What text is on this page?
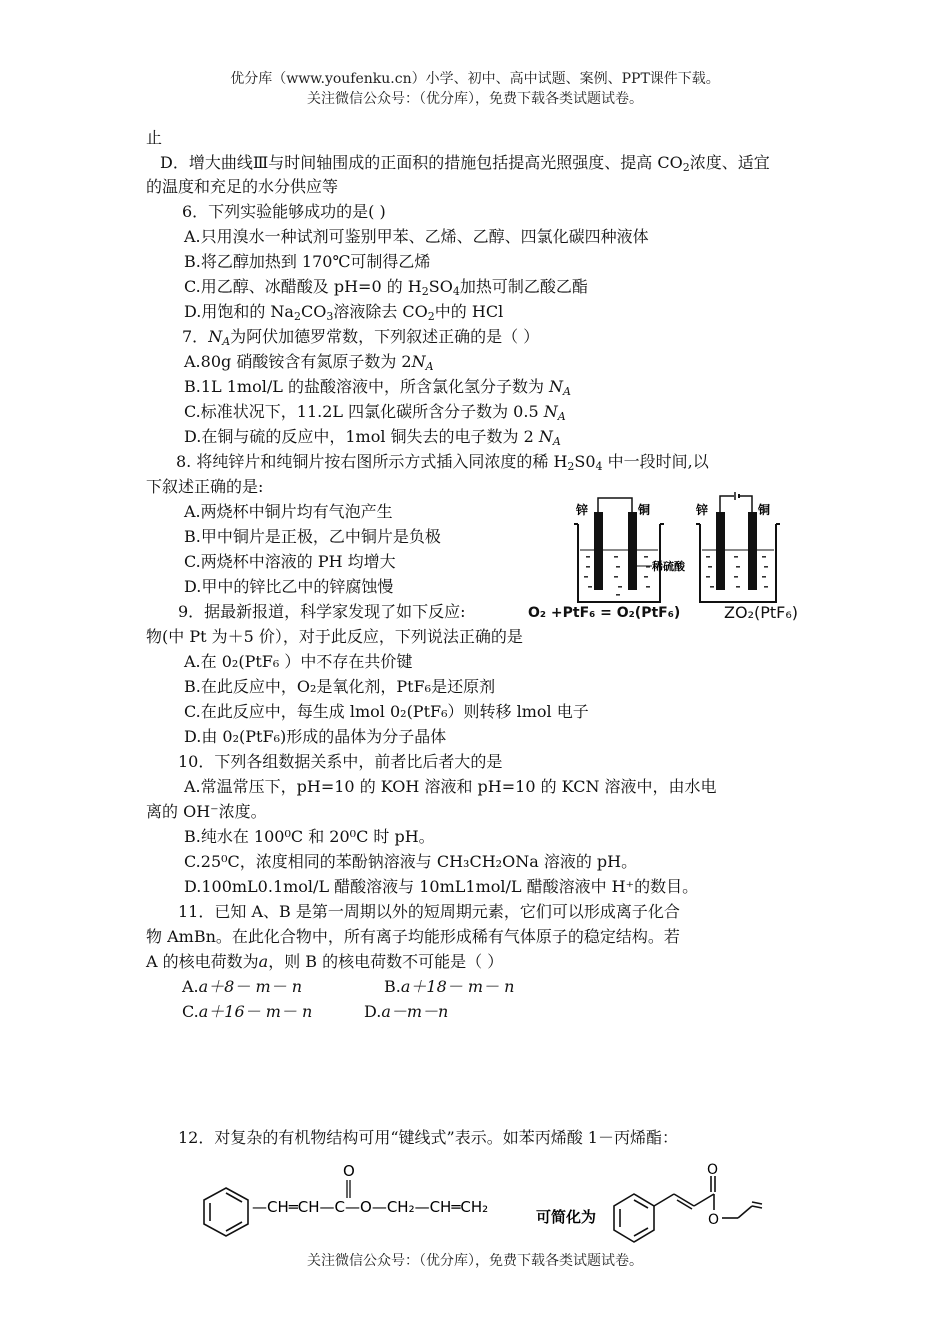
优分库（www.youfenku.cn）小学、初中、高中试题、案例、PPT课件下载。
关注微信公众号：（优分库），免费下载各类试题试卷。
止
D．增大曲线Ⅲ与时间轴围成的正面积的措施包括提高光照强度、提高 $CO_2$浓度、适宜
的温度和充足的水分供应等
6．下列实验能够成功的是( )
A.只用溴水一种试剂可鉴别甲苯、乙烯、乙醇、四氯化碳四种液体
B.将乙醇加热到 170℃可制得乙烯
C.用乙醇、冰醋酸及 pH=0 的 $H_2SO_4$加热可制乙酸乙酯
D.用饱和的 $Na_2CO_3$溶液除去 $CO_2$中的 HCl
7．$N_A$为阿伏加德罗常数，下列叙述正确的是（ ）
A.80g 硝酸铵含有氮原子数为 $2N_A$
B.1L 1mol/L 的盐酸溶液中，所含氯化氢分子数为 $N_A$
C.标准状况下，11.2L 四氯化碳所含分子数为 0.5 $N_A$
D.在铜与硫的反应中，1mol 铜失去的电子数为 2 $N_A$
8. 将纯锌片和纯铜片按右图所示方式插入同浓度的稀 $H_2S0_4$ 中一段时间,以
下叙述正确的是:
A.两烧杯中铜片均有气泡产生
B.甲中铜片是正极，乙中铜片是负极
C.两烧杯中溶液的 PH 均增大
D.甲中的锌比乙中的锌腐蚀慢
锌	铜
稀硫酸
锌	铜
9．据最新报道，科学家发现了如下反应:	O₂ +PtF₆ = O₂(PtF₆)	ZO₂(PtF₆)
物(中 Pt 为＋5 价），对于此反应，下列说法正确的是
A.在 0₂(PtF₆ ）中不存在共价键
B.在此反应中，O₂是氧化剂，PtF₆是还原剂
C.在此反应中，每生成 lmol 0₂(PtF₆）则转移 lmol 电子
D.由 0₂(PtF₆)形成的晶体为分子晶体
10．下列各组数据关系中，前者比后者大的是
A.常温常压下，pH=10 的 KOH 溶液和 pH=10 的 KCN 溶液中，由水电
离的 OH⁻浓度。
B.纯水在 100⁰C 和 20⁰C 时 pH。
C.25⁰C，浓度相同的苯酚钠溶液与 CH₃CH₂ONa 溶液的 pH。
D.100mL0.1mol/L 醋酸溶液与 10mL1mol/L 醋酸溶液中 H⁺的数目。
11．已知 A、B 是第一周期以外的短周期元素，它们可以形成离子化合
物 AmBn。在此化合物中，所有离子均能形成稀有气体原子的稳定结构。若
A 的核电荷数为a，则 B 的核电荷数不可能是（ ）
A.a＋8－ m－ n	B.a＋18－ m－ n
C.a＋16－ m－ n	D.a－m－n
12．对复杂的有机物结构可用“键线式”表示。如苯丙烯酸 1－丙烯酯：
—CH═CH—C—O—CH₂—CH═CH₂
O
可简化为
O
O
关注微信公众号：（优分库），免费下载各类试题试卷。
